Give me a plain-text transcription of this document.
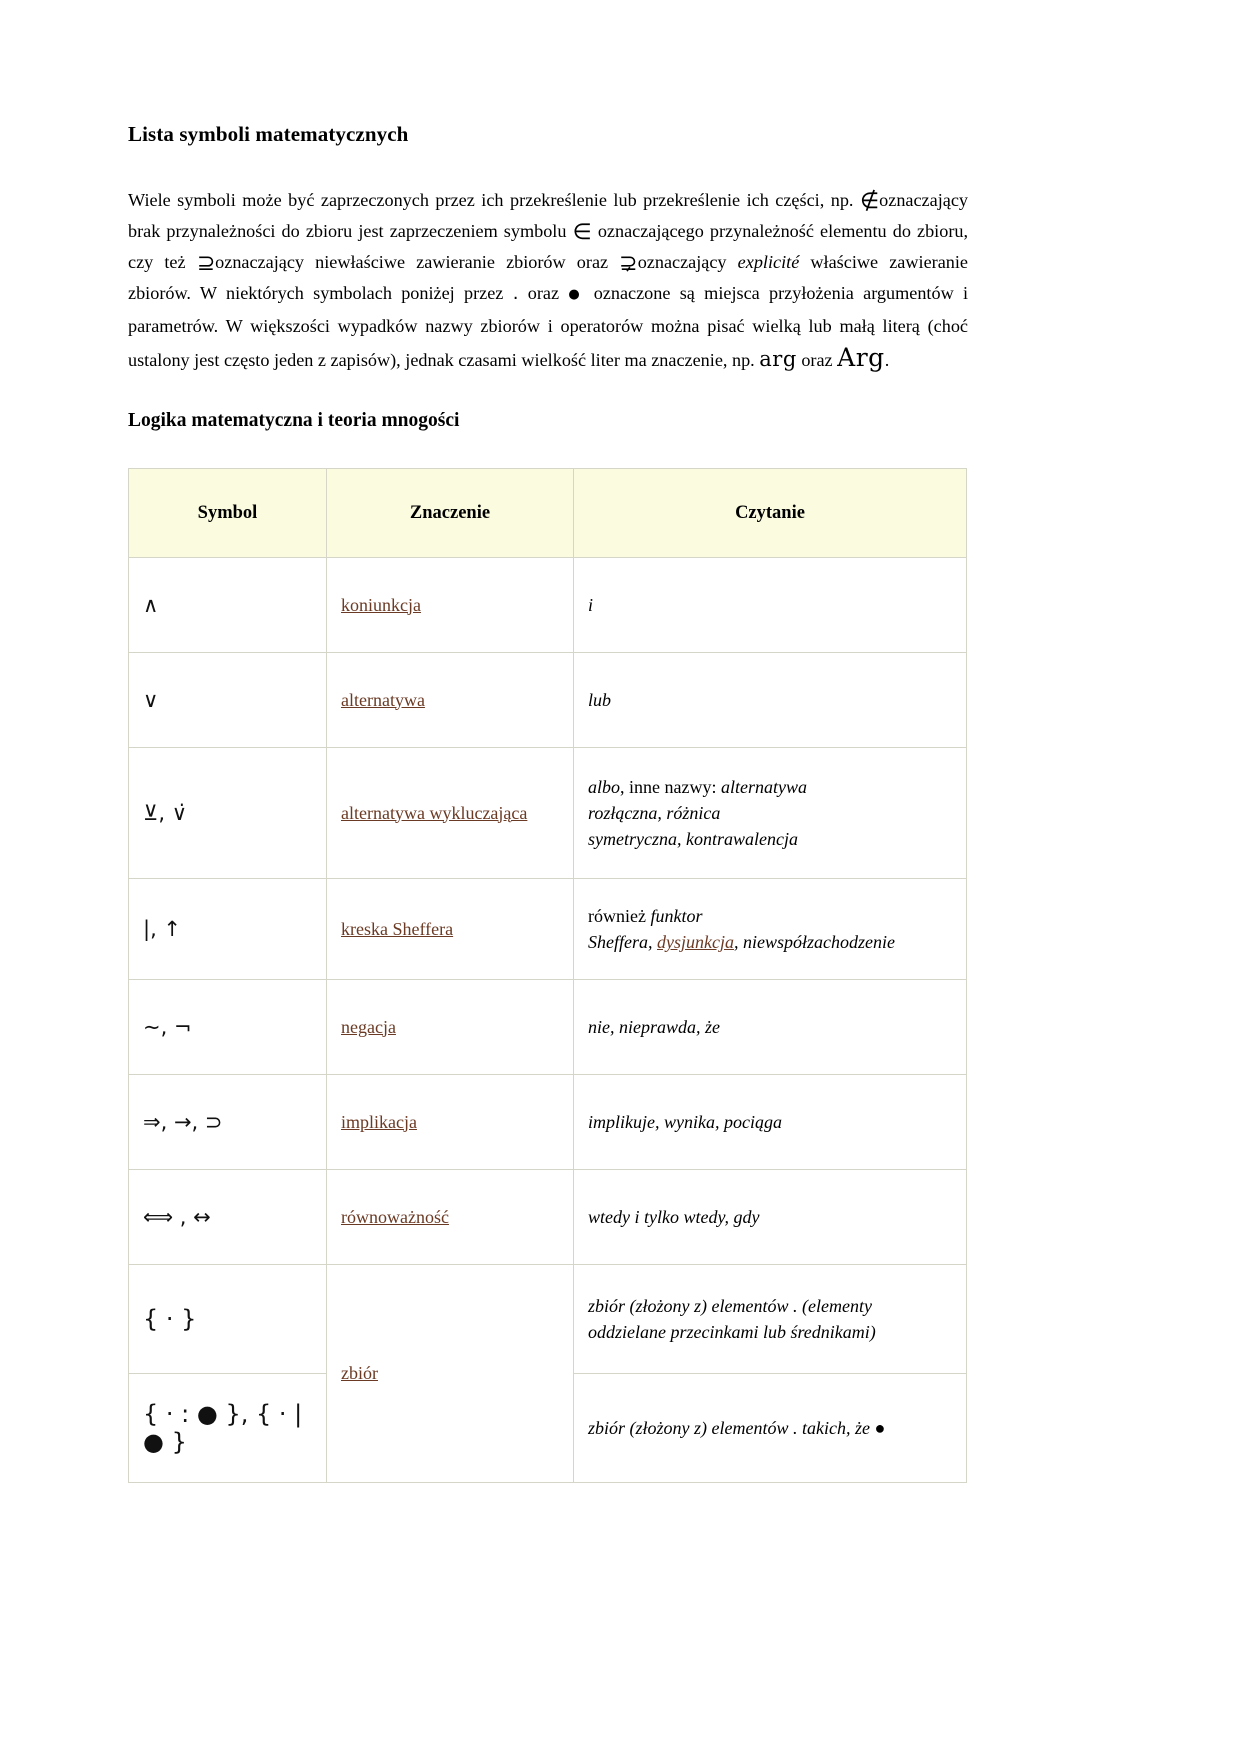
Lista symboli matematycznych

Wiele symboli może być zaprzeczonych przez ich przekreślenie lub przekreślenie ich części, np. ∉oznaczający brak przynależności do zbioru jest zaprzeczeniem symbolu ∈ oznaczającego przynależność elementu do zbioru, czy też ⊇oznaczający niewłaściwe zawieranie zbiorów oraz ⊋oznaczający explicité właściwe zawieranie zbiorów. W niektórych symbolach poniżej przez . oraz ● oznaczone są miejsca przyłożenia argumentów i parametrów. W większości wypadków nazwy zbiorów i operatorów można pisać wielką lub małą literą (choć ustalony jest często jeden z zapisów), jednak czasami wielkość liter ma znaczenie, np. arg oraz Arg.

Logika matematyczna i teoria mnogości
Symbol	Znaczenie	Czytanie
∧	koniunkcja	i
∨	alternatywa	lub
⊻, ∨̇	alternatywa wykluczająca	albo, inne nazwy: alternatywa
rozłączna, różnica
symetryczna, kontrawalencja
|, ↑	kreska Sheffera	również funktor
Sheffera, dysjunkcja, niewspółzachodzenie
∼, ¬	negacja	nie, nieprawda, że
⇒, →, ⊃	implikacja	implikuje, wynika, pociąga
⟺ , ↔	równoważność	wtedy i tylko wtedy, gdy
{ · }	zbiór	zbiór (złożony z) elementów . (elementy
oddzielane przecinkami lub średnikami)
{ · : ● }, { · | ● }		zbiór (złożony z) elementów . takich, że ●
